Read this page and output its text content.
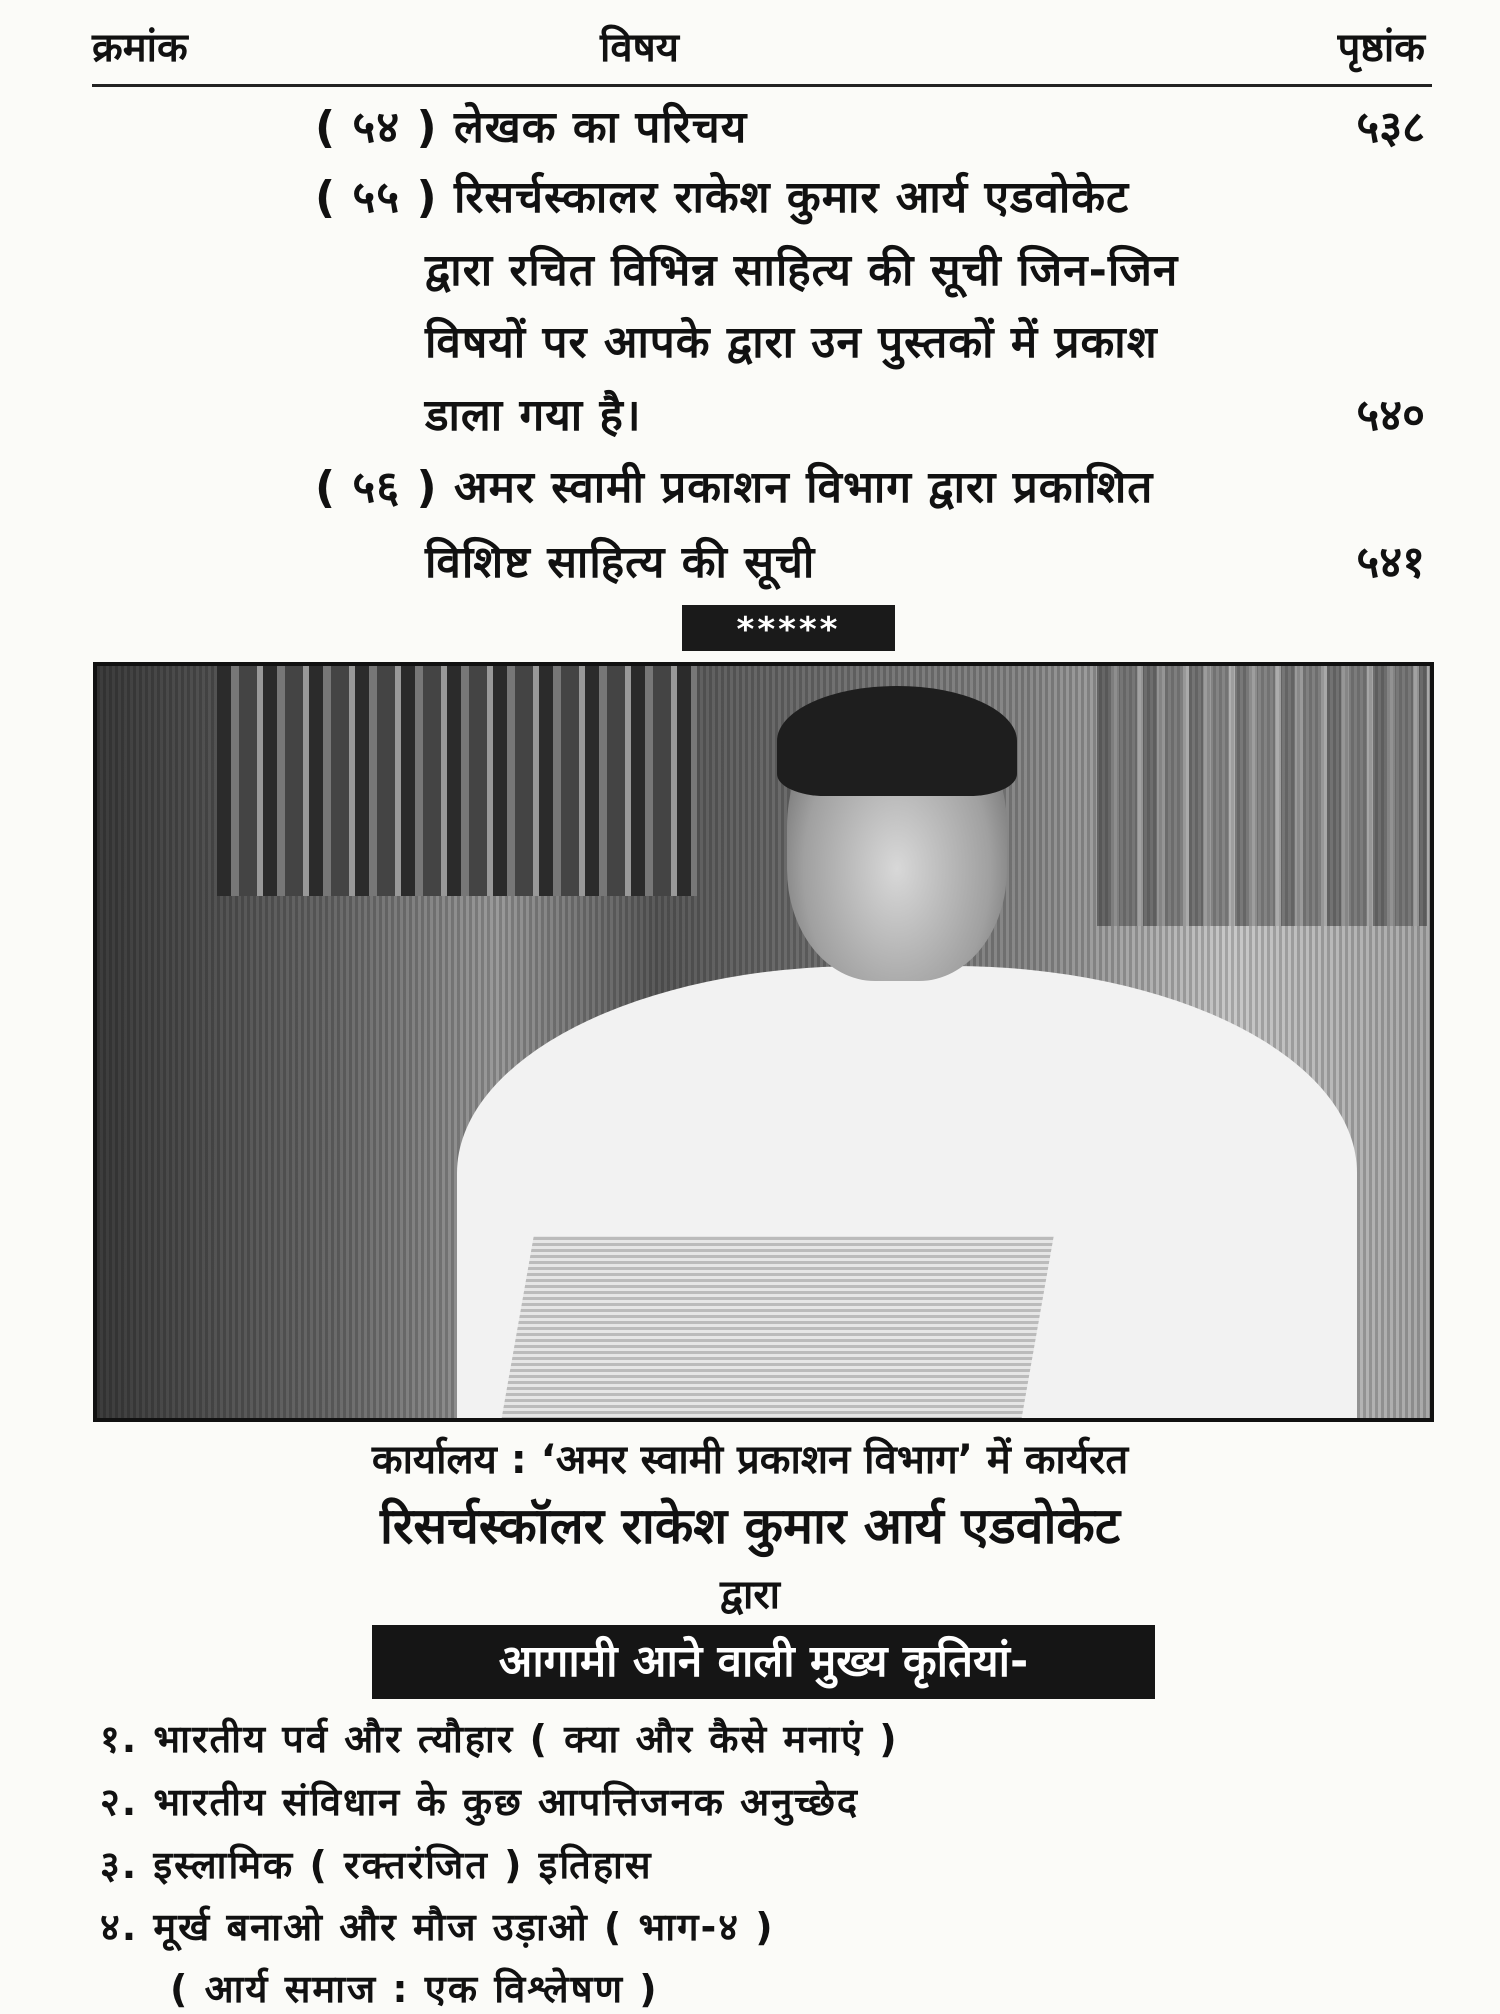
क्रमांक	विषय	पृष्ठांक
( ५४ ) लेखक का परिचय	५३८
( ५५ ) रिसर्चस्कालर राकेश कुमार आर्य एडवोकेट
द्वारा रचित विभिन्न साहित्य की सूची जिन-जिन
विषयों पर आपके द्वारा उन पुस्तकों में प्रकाश
डाला गया है।	५४०
( ५६ ) अमर स्वामी प्रकाशन विभाग द्वारा प्रकाशित
विशिष्ट साहित्य की सूची	५४१
*****
कार्यालय : ‘अमर स्वामी प्रकाशन विभाग’ में कार्यरत
रिसर्चस्कॉलर राकेश कुमार आर्य एडवोकेट
द्वारा
आगामी आने वाली मुख्य कृतियां-
१. भारतीय पर्व और त्यौहार ( क्या और कैसे मनाएं )
२. भारतीय संविधान के कुछ आपत्तिजनक अनुच्छेद
३. इस्लामिक ( रक्तरंजित ) इतिहास
४. मूर्ख बनाओ और मौज उड़ाओ ( भाग-४ )
( आर्य समाज : एक विश्लेषण )
